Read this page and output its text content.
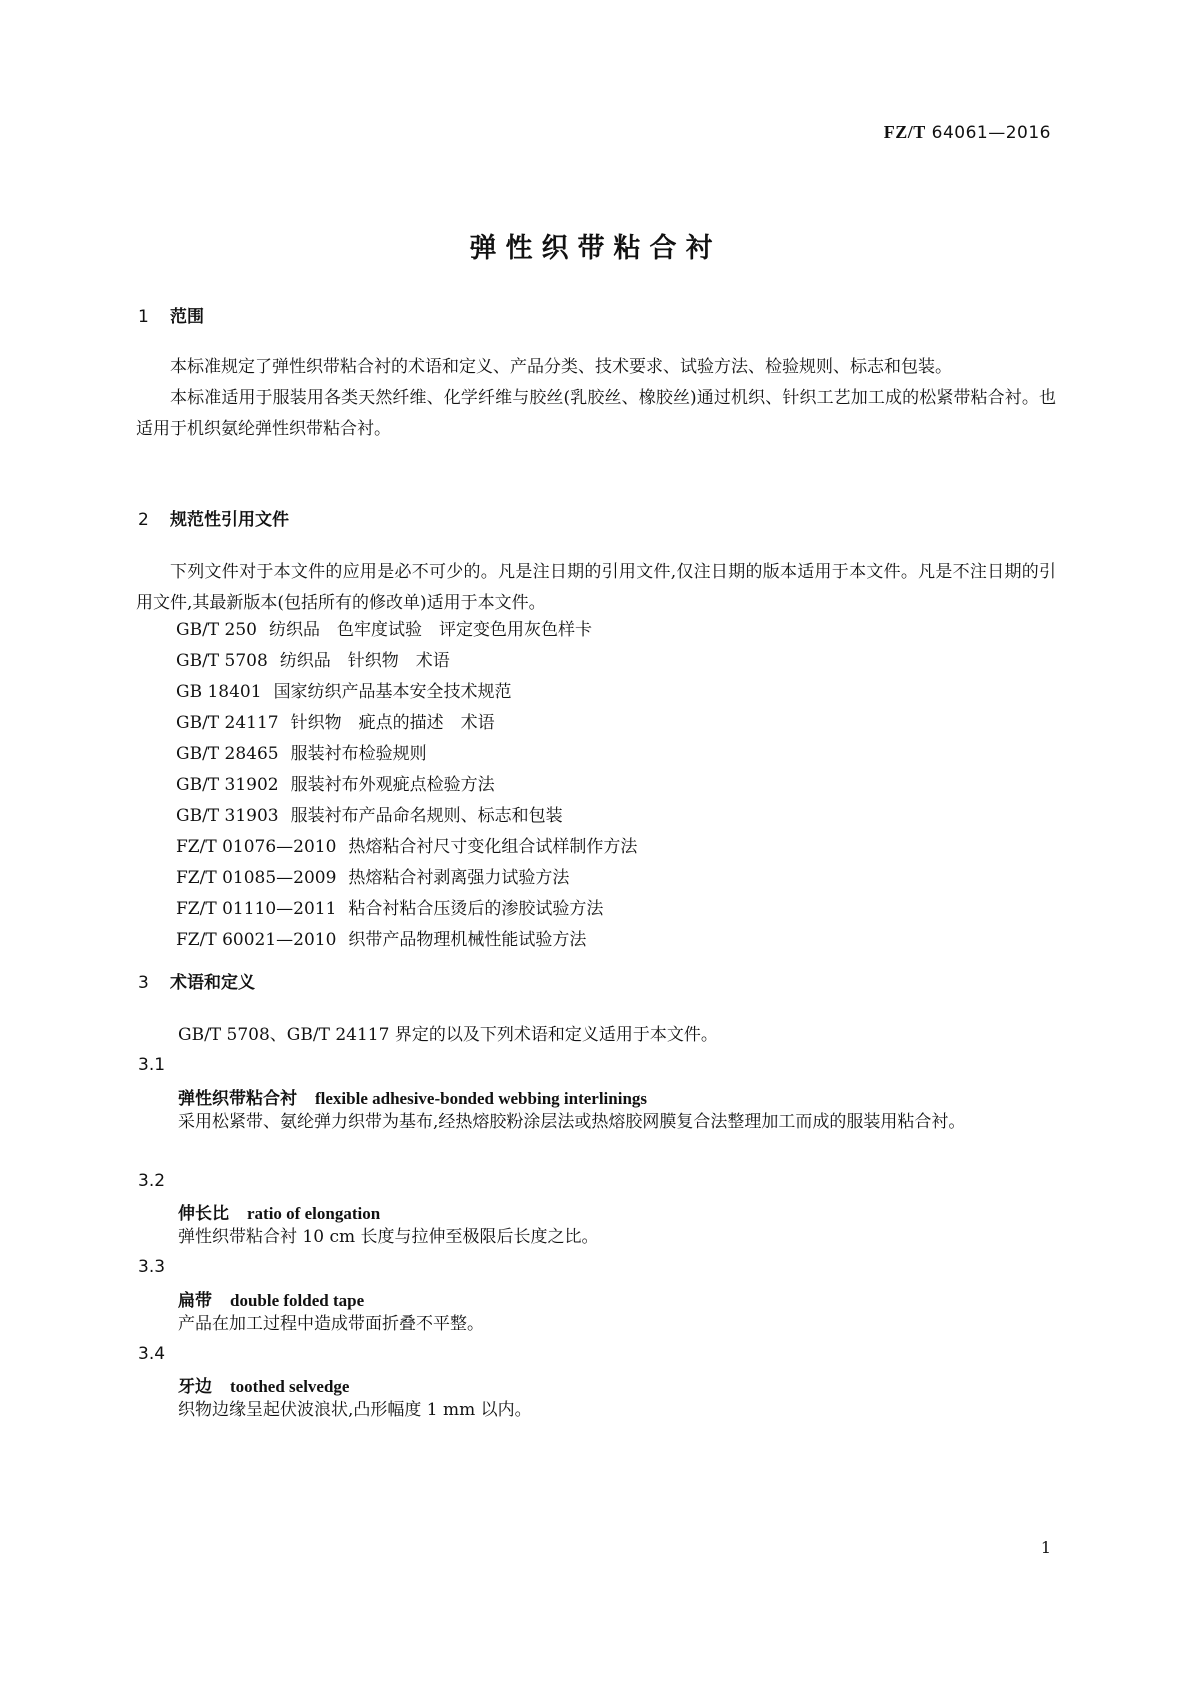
FZ/T 64061—2016
弹性织带粘合衬
1 范围

本标准规定了弹性织带粘合衬的术语和定义、产品分类、技术要求、试验方法、检验规则、标志和包装。

本标准适用于服装用各类天然纤维、化学纤维与胶丝(乳胶丝、橡胶丝)通过机织、针织工艺加工成的松紧带粘合衬。也适用于机织氨纶弹性织带粘合衬。

2 规范性引用文件

下列文件对于本文件的应用是必不可少的。凡是注日期的引用文件,仅注日期的版本适用于本文件。凡是不注日期的引用文件,其最新版本(包括所有的修改单)适用于本文件。

GB/T 250 纺织品　色牢度试验　评定变色用灰色样卡
GB/T 5708 纺织品　针织物　术语
GB 18401 国家纺织产品基本安全技术规范
GB/T 24117 针织物　疵点的描述　术语
GB/T 28465 服装衬布检验规则
GB/T 31902 服装衬布外观疵点检验方法
GB/T 31903 服装衬布产品命名规则、标志和包装
FZ/T 01076—2010 热熔粘合衬尺寸变化组合试样制作方法
FZ/T 01085—2009 热熔粘合衬剥离强力试验方法
FZ/T 01110—2011 粘合衬粘合压烫后的渗胶试验方法
FZ/T 60021—2010 织带产品物理机械性能试验方法
3 术语和定义
GB/T 5708、GB/T 24117 界定的以及下列术语和定义适用于本文件。
3.1
弹性织带粘合衬 flexible adhesive-bonded webbing interlinings

采用松紧带、氨纶弹力织带为基布,经热熔胶粉涂层法或热熔胶网膜复合法整理加工而成的服装用粘合衬。

3.2
伸长比 ratio of elongation
弹性织带粘合衬 10 cm 长度与拉伸至极限后长度之比。
3.3
扁带 double folded tape
产品在加工过程中造成带面折叠不平整。
3.4
牙边 toothed selvedge
织物边缘呈起伏波浪状,凸形幅度 1 mm 以内。
1
